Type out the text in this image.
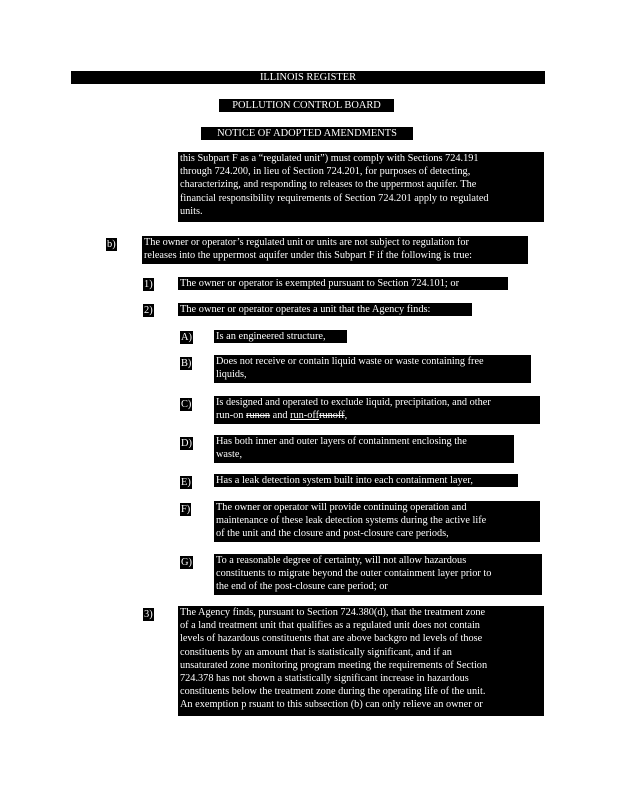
ILLINOIS REGISTER
POLLUTION CONTROL BOARD
NOTICE OF ADOPTED AMENDMENTS
this Subpart F as a “regulated unit”) must comply with Sections 724.191
through 724.200, in lieu of Section 724.201, for purposes of detecting,
characterizing, and responding to releases to the uppermost aquifer. The
financial responsibility requirements of Section 724.201 apply to regulated
units.
b)	The owner or operator’s regulated unit or units are not subject to regulation for
releases into the uppermost aquifer under this Subpart F if the following is true:
1)	The owner or operator is exempted pursuant to Section 724.101; or
2)	The owner or operator operates a unit that the Agency finds:
A) Is an engineered structure,
B) Does not receive or contain liquid waste or waste containing free
liquids,
C) Is designed and operated to exclude liquid, precipitation, and other
run-on runon and run-offrunoff,
D) Has both inner and outer layers of containment enclosing the
waste,
E) Has a leak detection system built into each containment layer,
F)	The owner or operator will provide continuing operation and
maintenance of these leak detection systems during the active life
of the unit and the closure and post-closure care periods,
G) To a reasonable degree of certainty, will not allow hazardous
constituents to migrate beyond the outer containment layer prior to
the end of the post-closure care period; or
3)	The Agency finds, pursuant to Section 724.380(d), that the treatment zone
of a land treatment unit that qualifies as a regulated unit does not contain
levels of hazardous constituents that are above backgro nd levels of those
constituents by an amount that is statistically significant, and if an
unsaturated zone monitoring program meeting the requirements of Section
724.378 has not shown a statistically significant increase in hazardous
constituents below the treatment zone during the operating life of the unit.
An exemption p rsuant to this subsection (b) can only relieve an owner or
